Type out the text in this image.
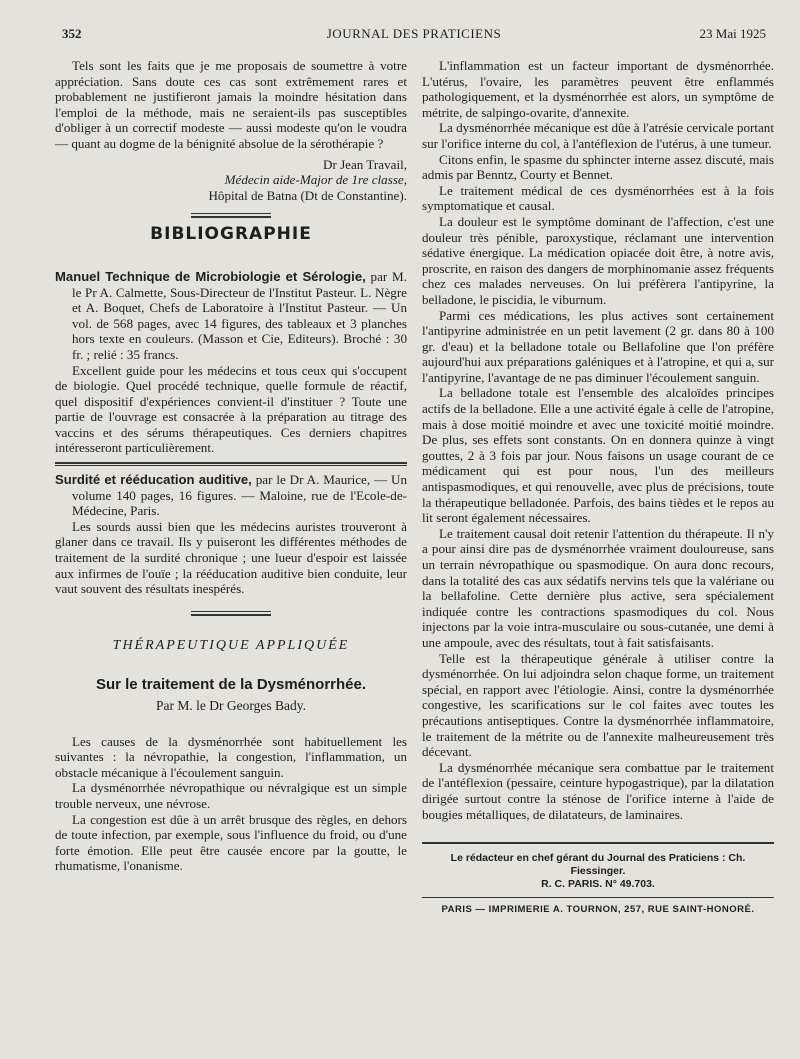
352	JOURNAL DES PRATICIENS	23 Mai 1925

Tels sont les faits que je me proposais de soumettre à votre appréciation. Sans doute ces cas sont extrêmement rares et probablement ne justifieront jamais la moindre hésitation dans l'emploi de la méthode, mais ne seraient-ils pas susceptibles d'obliger à un correctif modeste — aussi modeste qu'on le voudra — quant au dogme de la bénignité absolue de la sérothérapie ?

Dr Jean Travail,

Médecin aide-Major de 1re classe,

Hôpital de Batna (Dt de Constantine).

BIBLIOGRAPHIE

Manuel Technique de Microbiologie et Sérologie, par M. le Pr A. Calmette, Sous-Directeur de l'Institut Pasteur. L. Nègre et A. Boquet, Chefs de Laboratoire à l'Institut Pasteur. — Un vol. de 568 pages, avec 14 figures, des tableaux et 3 planches hors texte en couleurs. (Masson et Cie, Editeurs). Broché : 30 fr. ; relié : 35 francs.

Excellent guide pour les médecins et tous ceux qui s'occupent de biologie. Quel procédé technique, quelle formule de réactif, quel dispositif d'expériences convient-il d'instituer ? Toute une partie de l'ouvrage est consacrée à la préparation au titrage des vaccins et des sérums thérapeutiques. Ces derniers chapitres intéresseront particulièrement.

Surdité et rééducation auditive, par le Dr A. Maurice, — Un volume 140 pages, 16 figures. — Maloine, rue de l'Ecole-de-Médecine, Paris.

Les sourds aussi bien que les médecins auristes trouveront à glaner dans ce travail. Ils y puiseront les différentes méthodes de traitement de la surdité chronique ; une lueur d'espoir est laissée aux infirmes de l'ouïe ; la rééducation auditive bien conduite, leur vaut souvent des résultats inespérés.

THÉRAPEUTIQUE APPLIQUÉE
Sur le traitement de la Dysménorrhée.
Par M. le Dr Georges Bady.

Les causes de la dysménorrhée sont habituellement les suivantes : la névropathie, la congestion, l'inflammation, un obstacle mécanique à l'écoulement sanguin.

La dysménorrhée névropathique ou névralgique est un simple trouble nerveux, une névrose.

La congestion est dûe à un arrêt brusque des règles, en dehors de toute infection, par exemple, sous l'influence du froid, ou d'une forte émotion. Elle peut être causée encore par la goutte, le rhumatisme, l'onanisme.

L'inflammation est un facteur important de dysménorrhée. L'utérus, l'ovaire, les paramètres peuvent être enflammés pathologiquement, et la dysménorrhée est alors, un symptôme de métrite, de salpingo-ovarite, d'annexite.

La dysménorrhée mécanique est dûe à l'atrésie cervicale portant sur l'orifice interne du col, à l'antéflexion de l'utérus, à une tumeur.

Citons enfin, le spasme du sphincter interne assez discuté, mais admis par Benntz, Courty et Bennet.

Le traitement médical de ces dysménorrhées est à la fois symptomatique et causal.

La douleur est le symptôme dominant de l'affection, c'est une douleur très pénible, paroxystique, réclamant une intervention sédative énergique. La médication opiacée doit être, à notre avis, proscrite, en raison des dangers de morphinomanie assez fréquents chez ces malades nerveuses. On lui préfèrera l'antipyrine, la belladone, le piscidia, le viburnum.

Parmi ces médications, les plus actives sont certainement l'antipyrine administrée en un petit lavement (2 gr. dans 80 à 100 gr. d'eau) et la belladone totale ou Bellafoline que l'on préfère aujourd'hui aux préparations galéniques et à l'atropine, et qui a, sur l'antipyrine, l'avantage de ne pas diminuer l'écoulement sanguin.

La belladone totale est l'ensemble des alcaloïdes principes actifs de la belladone. Elle a une activité égale à celle de l'atropine, mais à dose moitié moindre et avec une toxicité moitié moindre. De plus, ses effets sont constants. On en donnera quinze à vingt gouttes, 2 à 3 fois par jour. Nous faisons un usage courant de ce médicament qui est pour nous, l'un des meilleurs antispasmodiques, et qui renouvelle, avec plus de précisions, toute la thérapeutique belladonée. Parfois, des bains tièdes et le repos au lit seront également nécessaires.

Le traitement causal doit retenir l'attention du thérapeute. Il n'y a pour ainsi dire pas de dysménorrhée vraiment douloureuse, sans un terrain névropathique ou spasmodique. On aura donc recours, dans la totalité des cas aux sédatifs nervins tels que la valériane ou la bellafoline. Cette dernière plus active, sera spécialement indiquée contre les contractions spasmodiques du col. Nous injectons par la voie intra-musculaire ou sous-cutanée, une demi à une ampoule, avec des résultats, tout à fait satisfaisants.

Telle est la thérapeutique générale à utiliser contre la dysménorrhée. On lui adjoindra selon chaque forme, un traitement spécial, en rapport avec l'étiologie. Ainsi, contre la dysménorrhée congestive, les scarifications sur le col faites avec toutes les précautions antiseptiques. Contre la dysménorrhée inflammatoire, le traitement de la métrite ou de l'annexite malheureusement très décevant.

La dysménorrhée mécanique sera combattue par le traitement de l'antéflexion (pessaire, ceinture hypogastrique), par la dilatation dirigée surtout contre la sténose de l'orifice interne à l'aide de bougies métalliques, de dilatateurs, de laminaires.

Le rédacteur en chef gérant du Journal des Praticiens : Ch. Fiessinger.
R. C. PARIS. N° 49.703.
PARIS — IMPRIMERIE A. TOURNON, 257, RUE SAINT-HONORÉ.
